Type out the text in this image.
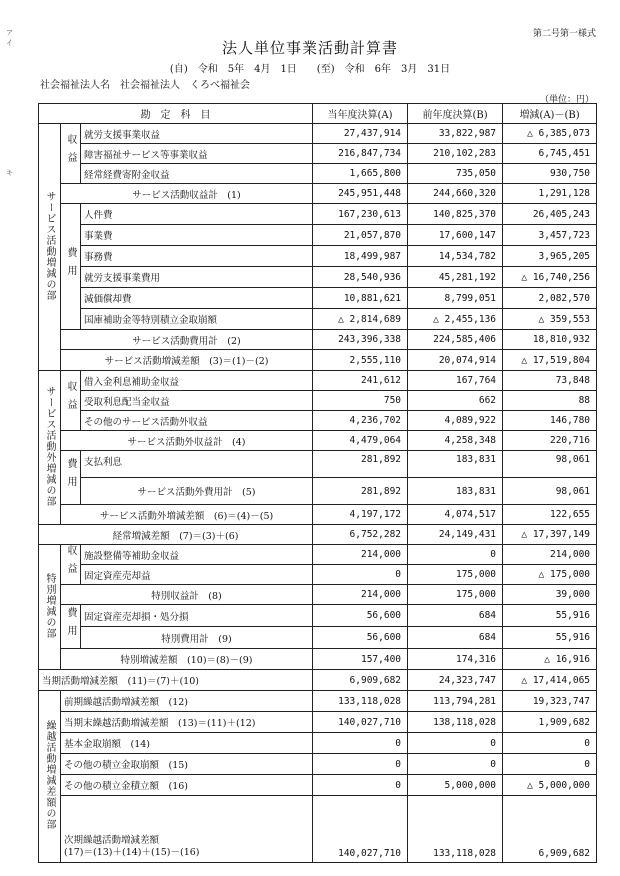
ア
イ

キ
第二号第一様式
法人単位事業活動計算書
(自)　令和　5年　4月　1日　　(至)　令和　6年　3月　31日
社会福祉法人名　社会福祉法人　くろべ福祉会
（単位：円）
勘　定　科　目			当年度決算(A)	前年度決算(B)	増減(A)－(B)
サービス活動増減の部	収益	就労支援事業収益	27,437,914	33,822,987	△ 6,385,073
		障害福祉サービス等事業収益	216,847,734	210,102,283	6,745,451
		経常経費寄附金収益	1,665,800	735,050	930,750
	サービス活動収益計　(1)		245,951,448	244,660,320	1,291,128
	費用	人件費	167,230,613	140,825,370	26,405,243
		事業費	21,057,870	17,600,147	3,457,723
		事務費	18,499,987	14,534,782	3,965,205
		就労支援事業費用	28,540,936	45,281,192	△ 16,740,256
		減価償却費	10,881,621	8,799,051	2,082,570
		国庫補助金等特別積立金取崩額	△ 2,814,689	△ 2,455,136	△ 359,553
	サービス活動費用計　(2)		243,396,338	224,585,406	18,810,932
	サービス活動増減差額　(3)＝(1)－(2)		2,555,110	20,074,914	△ 17,519,804
サービス活動外増減の部	収益	借入金利息補助金収益	241,612	167,764	73,848
		受取利息配当金収益	750	662	88
		その他のサービス活動外収益	4,236,702	4,089,922	146,780
	サービス活動外収益計　(4)		4,479,064	4,258,348	220,716
	費用	支払利息	281,892	183,831	98,061
		サービス活動外費用計　(5)	281,892	183,831	98,061
	サービス活動外増減差額　(6)＝(4)－(5)		4,197,172	4,074,517	122,655
経常増減差額　(7)＝(3)＋(6)			6,752,282	24,149,431	△ 17,397,149
特別増減の部	収益	施設整備等補助金収益	214,000	0	214,000
		固定資産売却益	0	175,000	△ 175,000
	特別収益計　(8)		214,000	175,000	39,000
	費用	固定資産売却損・処分損	56,600	684	55,916
		特別費用計　(9)	56,600	684	55,916
	特別増減差額　(10)＝(8)－(9)		157,400	174,316	△ 16,916
当期活動増減差額　(11)＝(7)＋(10)			6,909,682	24,323,747	△ 17,414,065
繰越活動増減差額の部	前期繰越活動増減差額　(12)		133,118,028	113,794,281	19,323,747
	当期末繰越活動増減差額　(13)＝(11)＋(12)		140,027,710	138,118,028	1,909,682
	基本金取崩額　(14)		0	0	0
	その他の積立金取崩額　(15)		0	0	0
	その他の積立金積立額　(16)		0	5,000,000	△ 5,000,000

	次期繰越活動増減差額
(17)＝(13)＋(14)＋(15)－(16)		140,027,710	133,118,028	6,909,682
